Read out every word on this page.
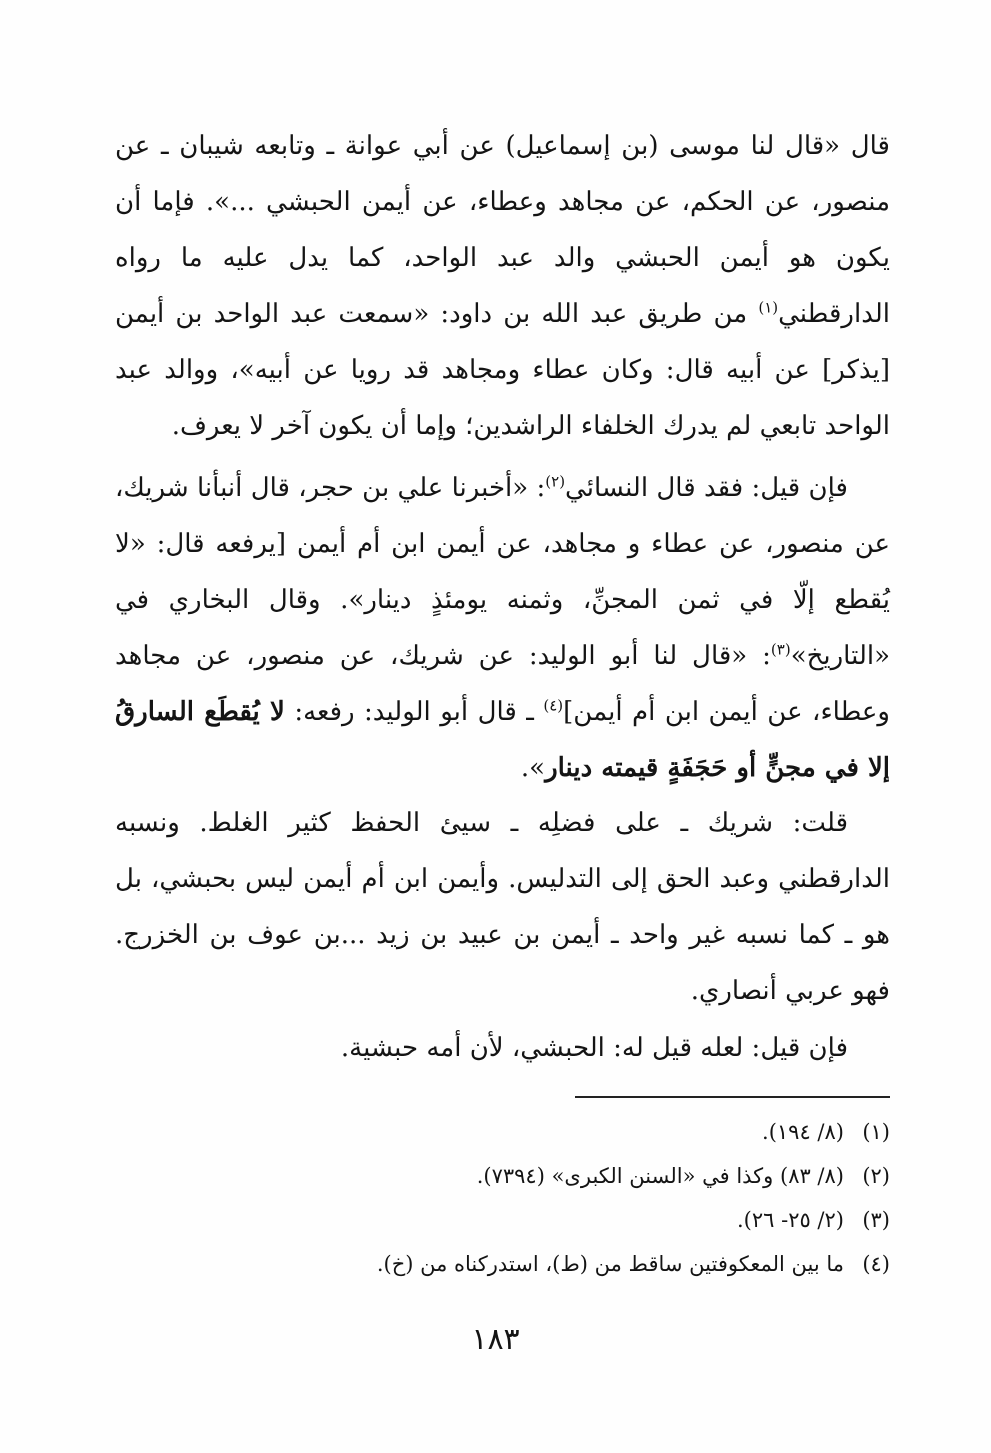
قال «قال لنا موسى (بن إسماعيل) عن أبي عوانة ـ وتابعه شيبان ـ عن منصور، عن الحكم، عن مجاهد وعطاء، عن أيمن الحبشي ...». فإما أن يكون هو أيمن الحبشي والد عبد الواحد، كما يدل عليه ما رواه الدارقطني$^{(١)}$ من طريق عبد الله بن داود: «سمعت عبد الواحد بن أيمن [يذكر] عن أبيه قال: وكان عطاء ومجاهد قد رويا عن أبيه»، ووالد عبد الواحد تابعي لم يدرك الخلفاء الراشدين؛ وإما أن يكون آخر لا يعرف.

فإن قيل: فقد قال النسائي$^{(٢)}$: «أخبرنا علي بن حجر، قال أنبأنا شريك، عن منصور، عن عطاء و مجاهد، عن أيمن ابن أم أيمن [يرفعه قال: «لا يُقطع إلّا في ثمن المجنِّ، وثمنه يومئذٍ دينار». وقال البخاري في «التاريخ»$^{(٣)}$: «قال لنا أبو الوليد: عن شريك، عن منصور، عن مجاهد وعطاء، عن أيمن ابن أم أيمن]$^{(٤)}$ ـ قال أبو الوليد: رفعه: لا يُقطَع السارقُ إلا في مجنٍّ أو حَجَفَةٍ قيمته دينار».

قلت: شريك ـ على فضلِه ـ سيئ الحفظ كثير الغلط. ونسبه الدارقطني وعبد الحق إلى التدليس. وأيمن ابن أم أيمن ليس بحبشي، بل هو ـ كما نسبه غير واحد ـ أيمن بن عبيد بن زيد ...بن عوف بن الخزرج. فهو عربي أنصاري.

فإن قيل: لعله قيل له: الحبشي، لأن أمه حبشية.

(١)
(٨/ ١٩٤).
(٢)
(٨/ ٨٣) وكذا في «السنن الكبرى» (٧٣٩٤).
(٣)
(٢/ ٢٥- ٢٦).
(٤)
ما بين المعكوفتين ساقط من (ط)، استدركناه من (خ).
١٨٣
